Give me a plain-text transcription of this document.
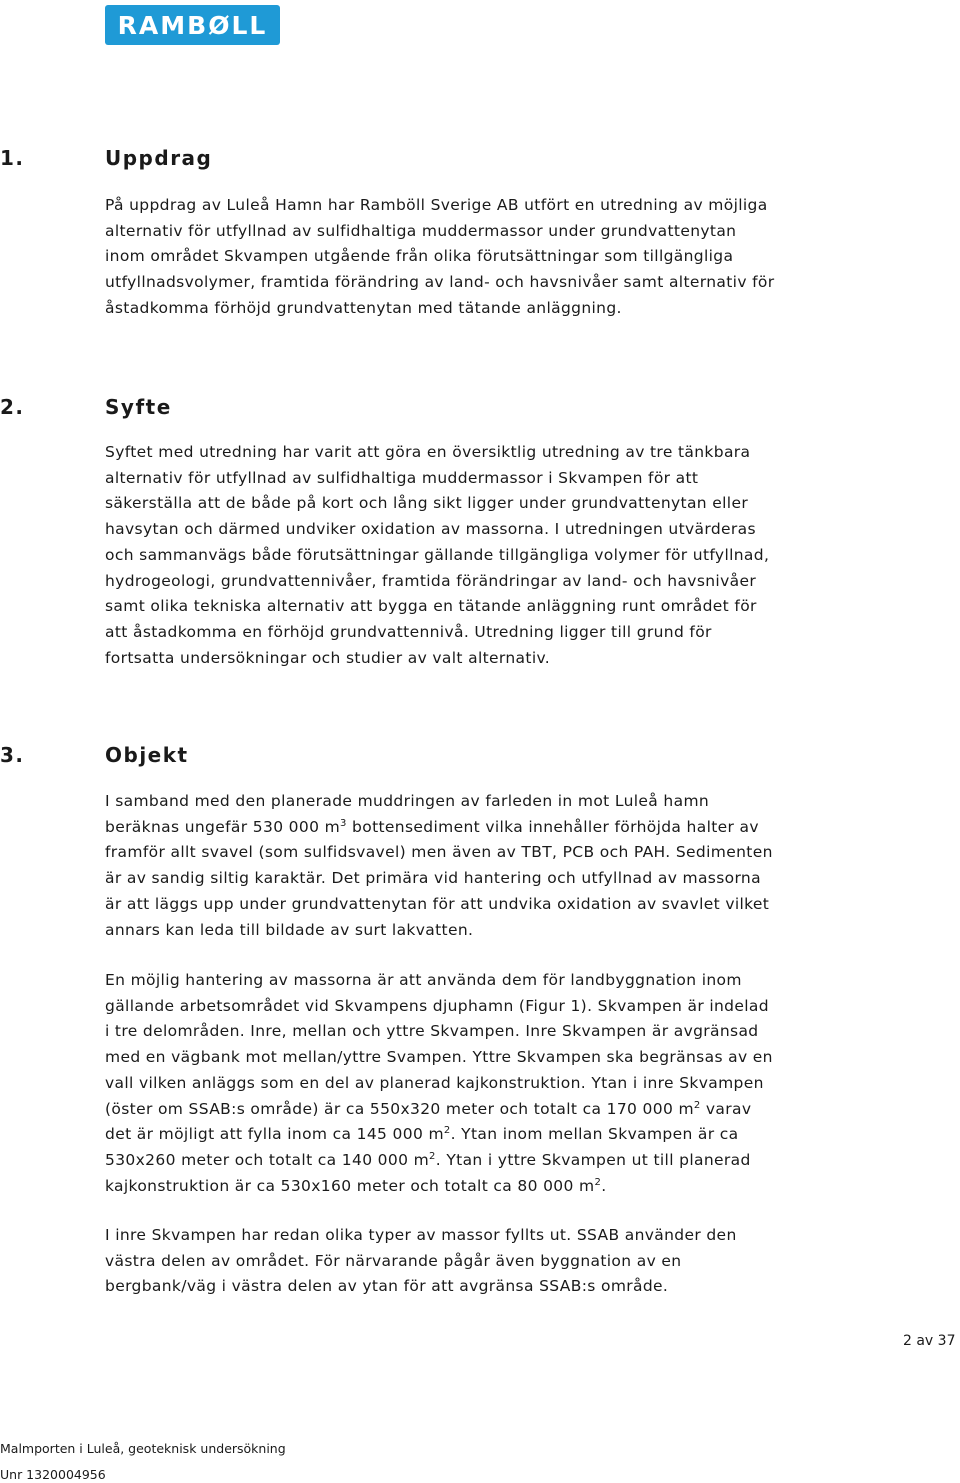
RAMBØLL
1.	Uppdrag
På uppdrag av Luleå Hamn har Ramböll Sverige AB utfört en utredning av möjliga
alternativ för utfyllnad av sulfidhaltiga muddermassor under grundvattenytan
inom området Skvampen utgående från olika förutsättningar som tillgängliga
utfyllnadsvolymer, framtida förändring av land- och havsnivåer samt alternativ för
åstadkomma förhöjd grundvattenytan med tätande anläggning.
2.	Syfte
Syftet med utredning har varit att göra en översiktlig utredning av tre tänkbara
alternativ för utfyllnad av sulfidhaltiga muddermassor i Skvampen för att
säkerställa att de både på kort och lång sikt ligger under grundvattenytan eller
havsytan och därmed undviker oxidation av massorna. I utredningen utvärderas
och sammanvägs både förutsättningar gällande tillgängliga volymer för utfyllnad,
hydrogeologi, grundvattennivåer, framtida förändringar av land- och havsnivåer
samt olika tekniska alternativ att bygga en tätande anläggning runt området för
att åstadkomma en förhöjd grundvattennivå. Utredning ligger till grund för
fortsatta undersökningar och studier av valt alternativ.
3.	Objekt
I samband med den planerade muddringen av farleden in mot Luleå hamn
beräknas ungefär 530 000 $m^3$ bottensediment vilka innehåller förhöjda halter av
framför allt svavel (som sulfidsvavel) men även av TBT, PCB och PAH. Sedimenten
är av sandig siltig karaktär. Det primära vid hantering och utfyllnad av massorna
är att läggs upp under grundvattenytan för att undvika oxidation av svavlet vilket
annars kan leda till bildade av surt lakvatten.
En möjlig hantering av massorna är att använda dem för landbyggnation inom
gällande arbetsområdet vid Skvampens djuphamn (Figur 1). Skvampen är indelad
i tre delområden. Inre, mellan och yttre Skvampen. Inre Skvampen är avgränsad
med en vägbank mot mellan/yttre Svampen. Yttre Skvampen ska begränsas av en
vall vilken anläggs som en del av planerad kajkonstruktion. Ytan i inre Skvampen
(öster om SSAB:s område) är ca 550x320 meter och totalt ca 170 000 $m^2$ varav
det är möjligt att fylla inom ca 145 000 $m^2$. Ytan inom mellan Skvampen är ca
530x260 meter och totalt ca 140 000 $m^2$. Ytan i yttre Skvampen ut till planerad
kajkonstruktion är ca 530x160 meter och totalt ca 80 000 $m^2$.
I inre Skvampen har redan olika typer av massor fyllts ut. SSAB använder den
västra delen av området. För närvarande pågår även byggnation av en
bergbank/väg i västra delen av ytan för att avgränsa SSAB:s område.
2 av 37
Malmporten i Luleå, geoteknisk undersökning
Unr 1320004956
